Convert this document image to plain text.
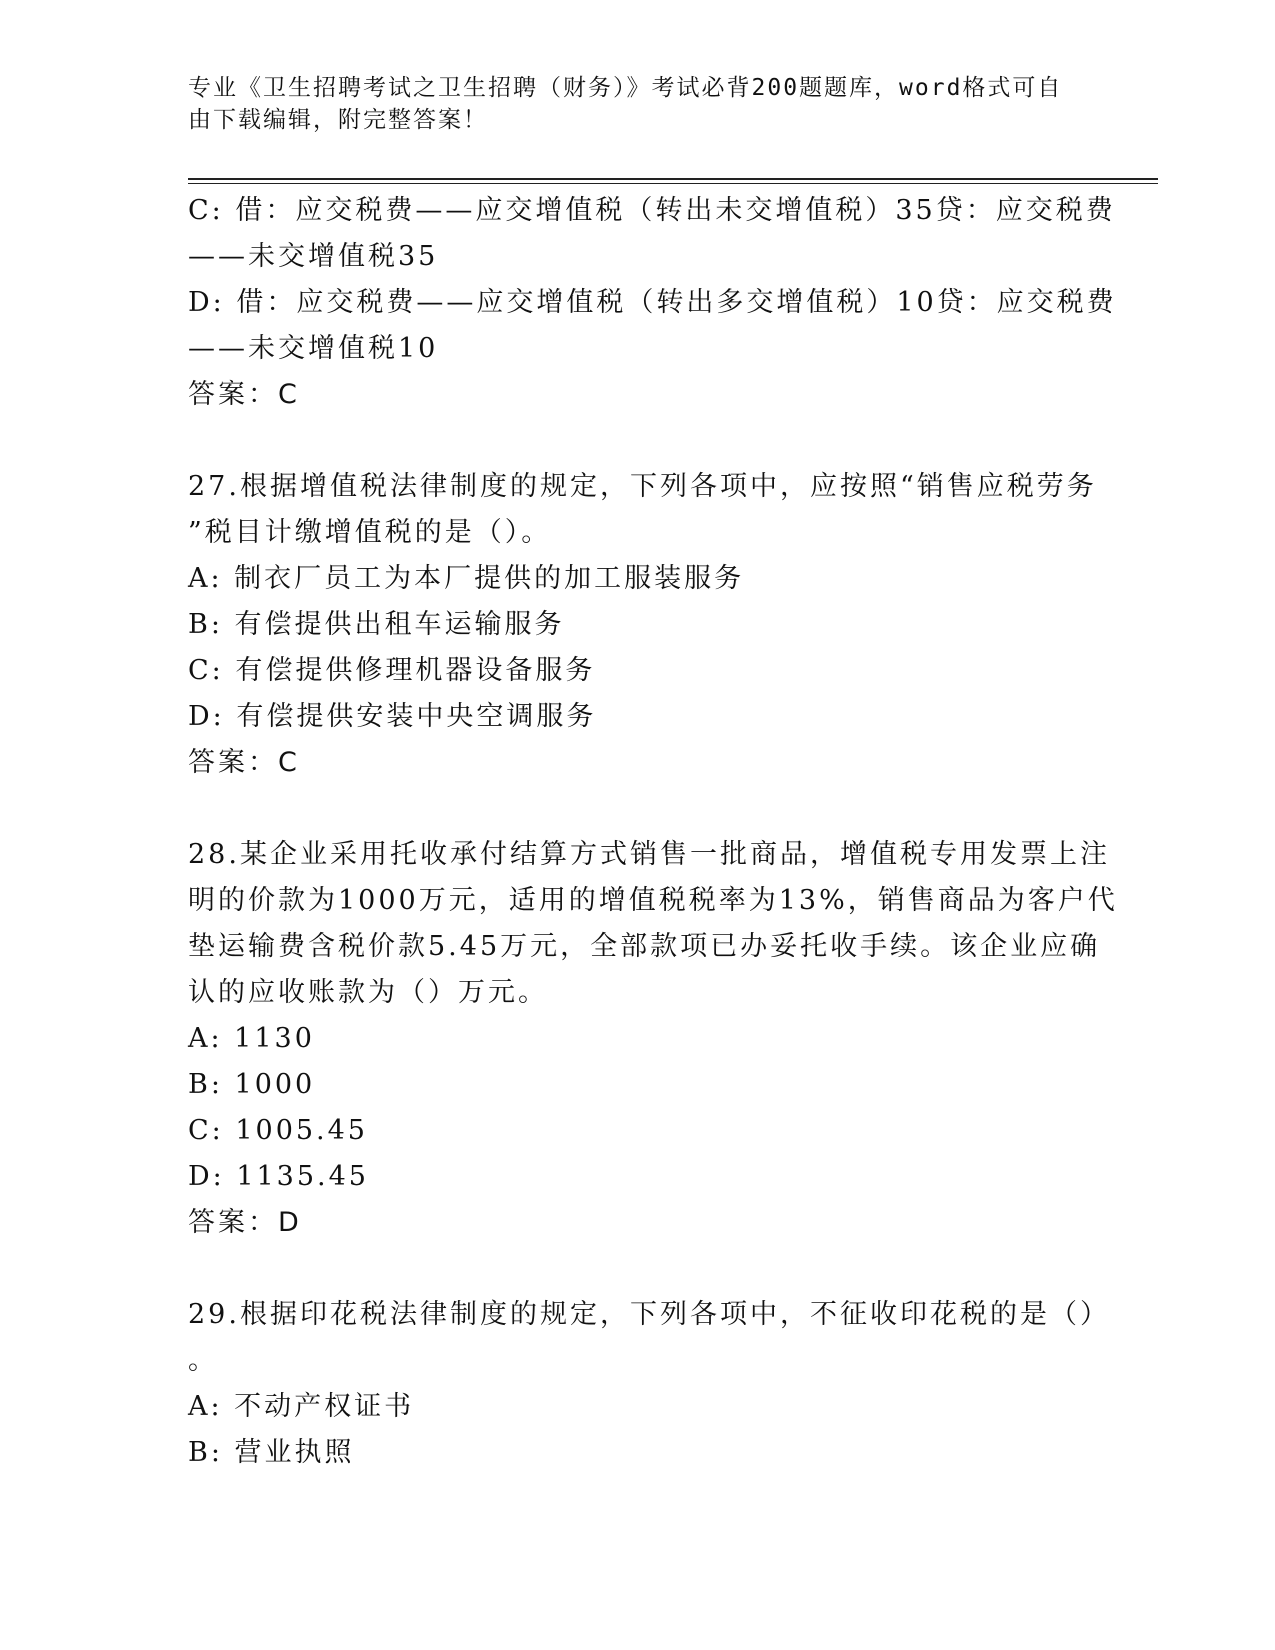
专业《卫生招聘考试之卫生招聘（财务）》考试必背200题题库，word格式可自
由下载编辑，附完整答案！
C: 借：应交税费——应交增值税（转出未交增值税）35贷：应交税费
——未交增值税35
D: 借：应交税费——应交增值税（转出多交增值税）10贷：应交税费
——未交增值税10
答案：C
27.根据增值税法律制度的规定，下列各项中，应按照“销售应税劳务
”税目计缴增值税的是（）。
A: 制衣厂员工为本厂提供的加工服装服务
B: 有偿提供出租车运输服务
C: 有偿提供修理机器设备服务
D: 有偿提供安装中央空调服务
答案：C
28.某企业采用托收承付结算方式销售一批商品，增值税专用发票上注
明的价款为1000万元，适用的增值税税率为13%，销售商品为客户代
垫运输费含税价款5.45万元，全部款项已办妥托收手续。该企业应确
认的应收账款为（）万元。
A: 1130
B: 1000
C: 1005.45
D: 1135.45
答案：D
29.根据印花税法律制度的规定，下列各项中，不征收印花税的是（）
。
A: 不动产权证书
B: 营业执照
